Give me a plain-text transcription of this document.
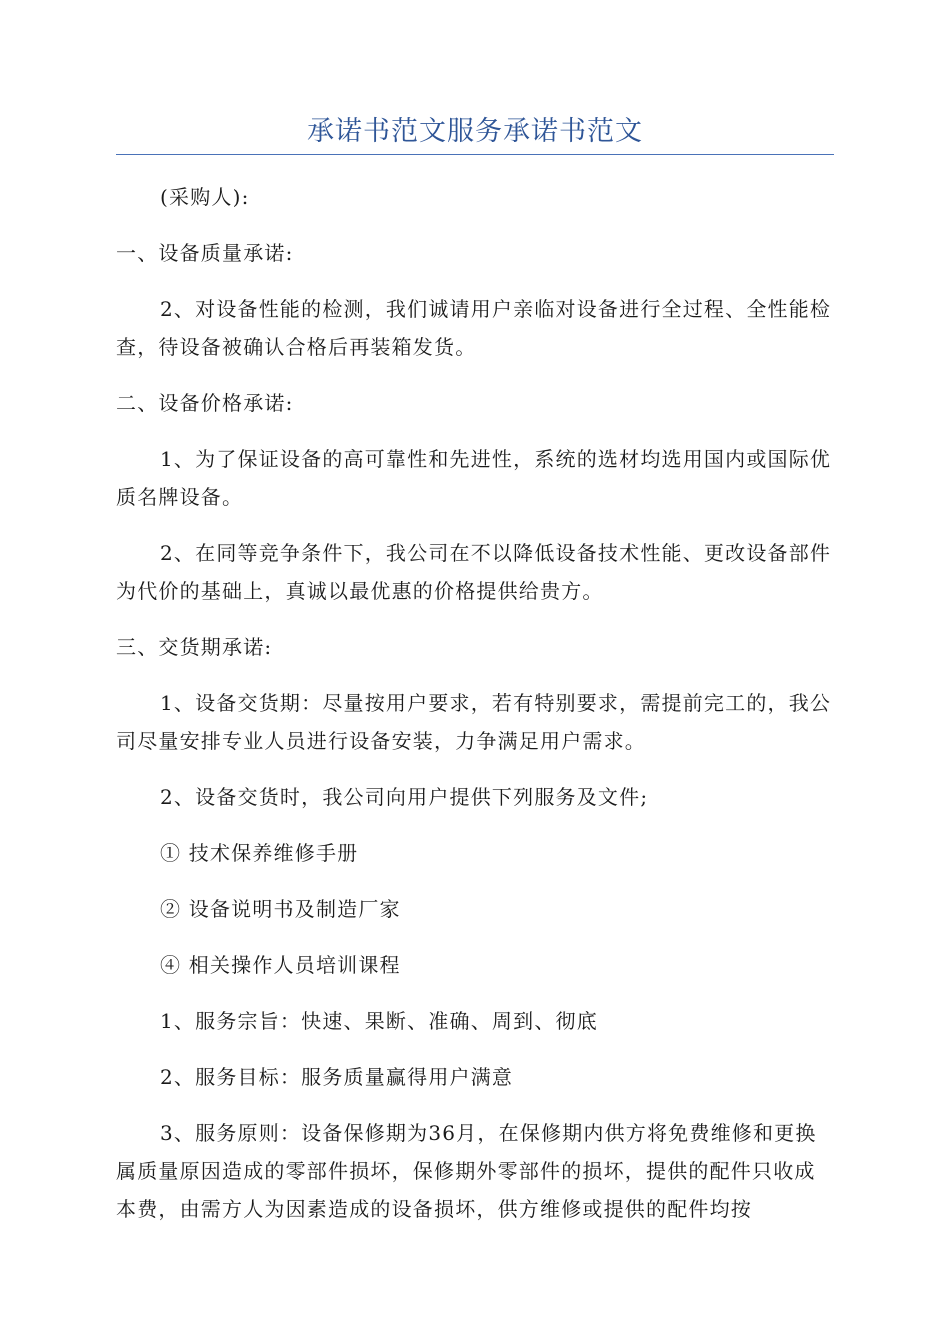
承诺书范文服务承诺书范文

(采购人):

一、设备质量承诺:

2、对设备性能的检测，我们诚请用户亲临对设备进行全过程、全性能检查，待设备被确认合格后再装箱发货。

二、设备价格承诺:

1、为了保证设备的高可靠性和先进性，系统的选材均选用国内或国际优质名牌设备。

2、在同等竞争条件下，我公司在不以降低设备技术性能、更改设备部件为代价的基础上，真诚以最优惠的价格提供给贵方。

三、交货期承诺:

1、设备交货期：尽量按用户要求，若有特别要求，需提前完工的，我公司尽量安排专业人员进行设备安装，力争满足用户需求。

2、设备交货时，我公司向用户提供下列服务及文件;

① 技术保养维修手册

② 设备说明书及制造厂家

④ 相关操作人员培训课程

1、服务宗旨：快速、果断、准确、周到、彻底

2、服务目标：服务质量赢得用户满意

3、服务原则：设备保修期为36月，在保修期内供方将免费维修和更换属质量原因造成的零部件损坏，保修期外零部件的损坏，提供的配件只收成本费，由需方人为因素造成的设备损坏，供方维修或提供的配件均按
